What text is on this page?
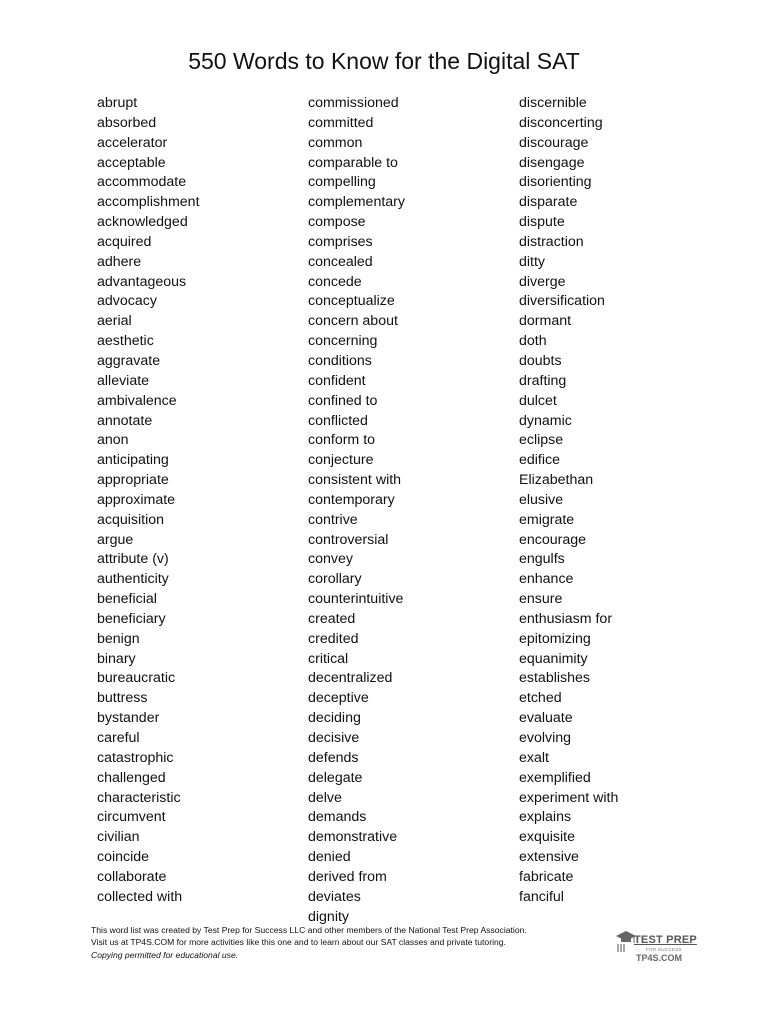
550 Words to Know for the Digital SAT
abrupt
absorbed
accelerator
acceptable
accommodate
accomplishment
acknowledged
acquired
adhere
advantageous
advocacy
aerial
aesthetic
aggravate
alleviate
ambivalence
annotate
anon
anticipating
appropriate
approximate
acquisition
argue
attribute (v)
authenticity
beneficial
beneficiary
benign
binary
bureaucratic
buttress
bystander
careful
catastrophic
challenged
characteristic
circumvent
civilian
coincide
collaborate
collected with
commissioned
committed
common
comparable to
compelling
complementary
compose
comprises
concealed
concede
conceptualize
concern about
concerning
conditions
confident
confined to
conflicted
conform to
conjecture
consistent with
contemporary
contrive
controversial
convey
corollary
counterintuitive
created
credited
critical
decentralized
deceptive
deciding
decisive
defends
delegate
delve
demands
demonstrative
denied
derived from
deviates
dignity
discernible
disconcerting
discourage
disengage
disorienting
disparate
dispute
distraction
ditty
diverge
diversification
dormant
doth
doubts
drafting
dulcet
dynamic
eclipse
edifice
Elizabethan
elusive
emigrate
encourage
engulfs
enhance
ensure
enthusiasm for
epitomizing
equanimity
establishes
etched
evaluate
evolving
exalt
exemplified
experiment with
explains
exquisite
extensive
fabricate
fanciful
This word list was created by Test Prep for Success LLC and other members of the National Test Prep Association.
Visit us at TP4S.COM for more activities like this one and to learn about our SAT classes and private tutoring.
Copying permitted for educational use.
TEST PREP
FOR SUCCESS
TP4S.COM
